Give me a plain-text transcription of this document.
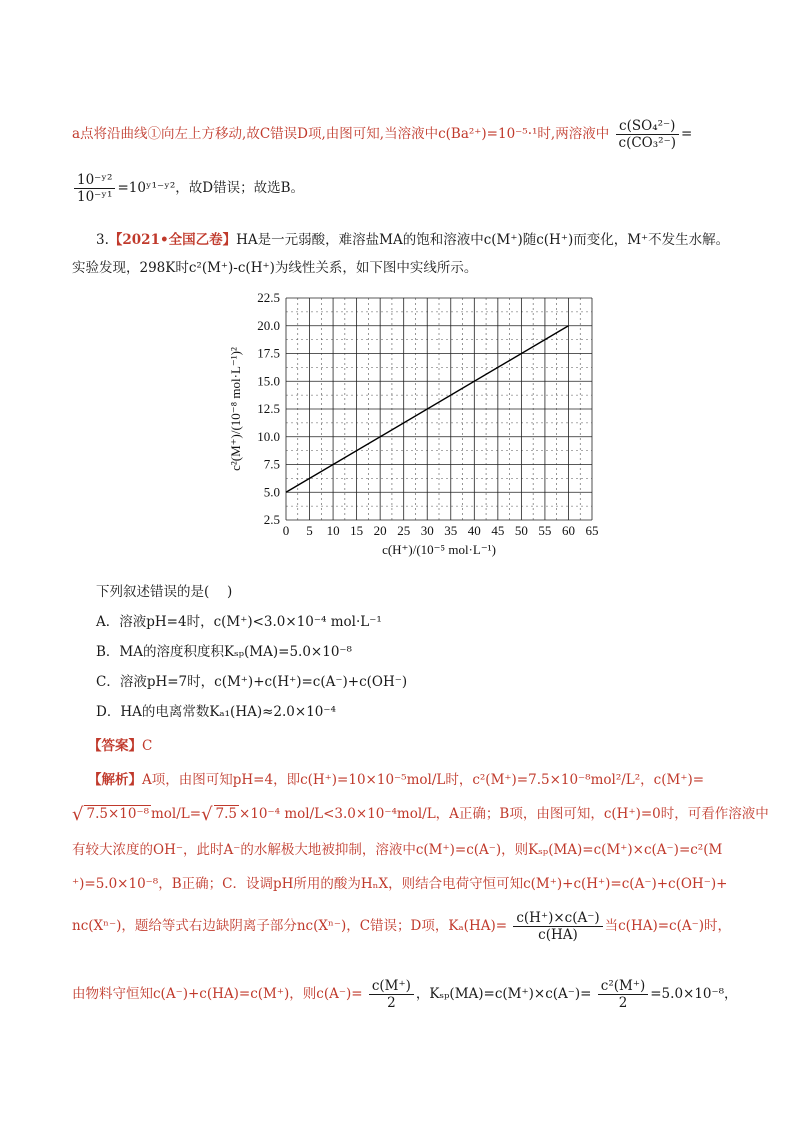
a点将沿曲线①向左上方移动,故C错误D项,由图可知,当溶液中c(Ba²⁺)=10⁻⁵·¹时,两溶液中 $\frac{\text{c(SO₄²⁻)}}{\text{c(CO₃²⁻)}}$ =
$\frac{\text{10⁻ʸ²}}{\text{10⁻ʸ¹}}$ =10ʸ¹⁻ʸ²，故D错误；故选B。
3.【2021•全国乙卷】HA是一元弱酸，难溶盐MA的饱和溶液中c(M⁺)随c(H⁺)而变化，M⁺不发生水解。
实验发现，298K时c²(M⁺)-c(H⁺)为线性关系，如下图中实线所示。
0 5 10 15 20 25 30 35 40 45 50 55 60 65
2.5
5.0
7.5
10.0
12.5
15.0
17.5
20.0
22.5
c(H⁺)/(10⁻⁵ mol·L⁻¹)
c²(M⁺)/(10⁻⁸ mol·L⁻¹)²
下列叙述错误的是(　 )
A．溶液pH=4时，c(M⁺)<3.0×10⁻⁴ mol·L⁻¹
B．MA的溶度积度积Kₛₚ(MA)=5.0×10⁻⁸
C．溶液pH=7时，c(M⁺)+c(H⁺)=c(A⁻)+c(OH⁻)
D．HA的电离常数Kₐ₁(HA)≈2.0×10⁻⁴
【答案】C
【解析】A项，由图可知pH=4，即c(H⁺)=10×10⁻⁵mol/L时，c²(M⁺)=7.5×10⁻⁸mol²/L²，c(M⁺)=
√ 7.5×10⁻⁸ mol/L=√ 7.5 ×10⁻⁴ mol/L<3.0×10⁻⁴mol/L，A正确；B项，由图可知，c(H⁺)=0时，可看作溶液中
有较大浓度的OH⁻，此时A⁻的水解极大地被抑制，溶液中c(M⁺)=c(A⁻)，则Kₛₚ(MA)=c(M⁺)×c(A⁻)=c²(M
⁺)=5.0×10⁻⁸，B正确；C．设调pH所用的酸为HₙX，则结合电荷守恒可知c(M⁺)+c(H⁺)=c(A⁻)+c(OH⁻)+
nc(Xⁿ⁻)，题给等式右边缺阴离子部分nc(Xⁿ⁻)，C错误；D项，$K_a(HA)= \frac{c(H^+)\times c(A^-)}{c(HA)}$ 当c(HA)=c(A⁻)时，
由物料守恒知c(A⁻)+c(HA)=c(M⁺)，则$c(A^-)= \frac{c(M^+)}{2}$ ，$K_{sp}(MA)=c(M^+)\times c(A^-)= \frac{\text{c²(M⁺)}}{2} =5.0\times 10^{-8}$，
